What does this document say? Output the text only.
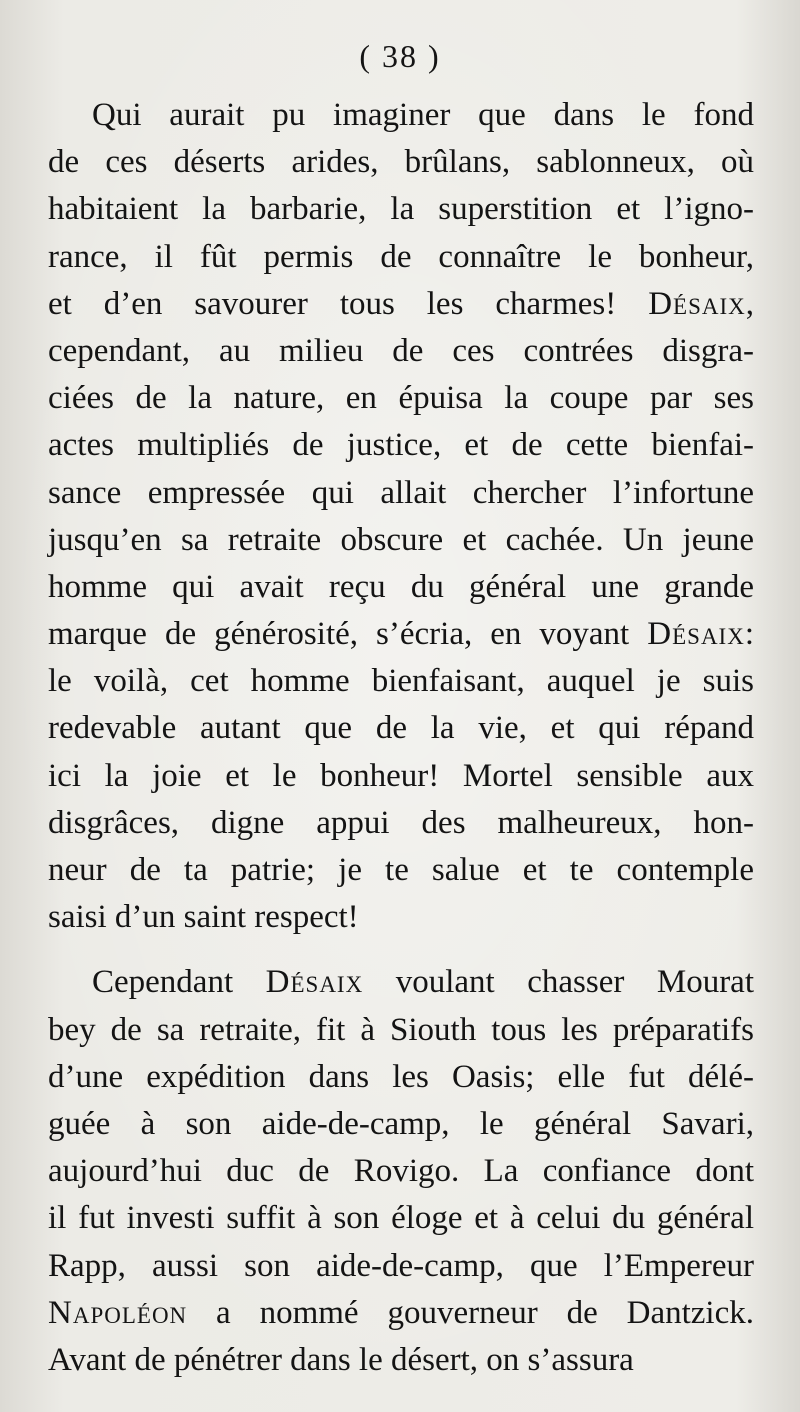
( 38 )
Qui aurait pu imaginer que dans le fond
de ces déserts arides, brûlans, sablonneux, où
habitaient la barbarie, la superstition et l’igno-
rance, il fût permis de connaître le bonheur,
et d’en savourer tous les charmes! Désaix,
cependant, au milieu de ces contrées disgra-
ciées de la nature, en épuisa la coupe par ses
actes multipliés de justice, et de cette bienfai-
sance empressée qui allait chercher l’infortune
jusqu’en sa retraite obscure et cachée. Un jeune
homme qui avait reçu du général une grande
marque de générosité, s’écria, en voyant Désaix:
le voilà, cet homme bienfaisant, auquel je suis
redevable autant que de la vie, et qui répand
ici la joie et le bonheur! Mortel sensible aux
disgrâces, digne appui des malheureux, hon-
neur de ta patrie; je te salue et te contemple
saisi d’un saint respect!
Cependant Désaix voulant chasser Mourat
bey de sa retraite, fit à Siouth tous les préparatifs
d’une expédition dans les Oasis; elle fut délé-
guée à son aide-de-camp, le général Savari,
aujourd’hui duc de Rovigo. La confiance dont
il fut investi suffit à son éloge et à celui du général
Rapp, aussi son aide-de-camp, que l’Empereur
Napoléon a nommé gouverneur de Dantzick.
Avant de pénétrer dans le désert, on s’assura
